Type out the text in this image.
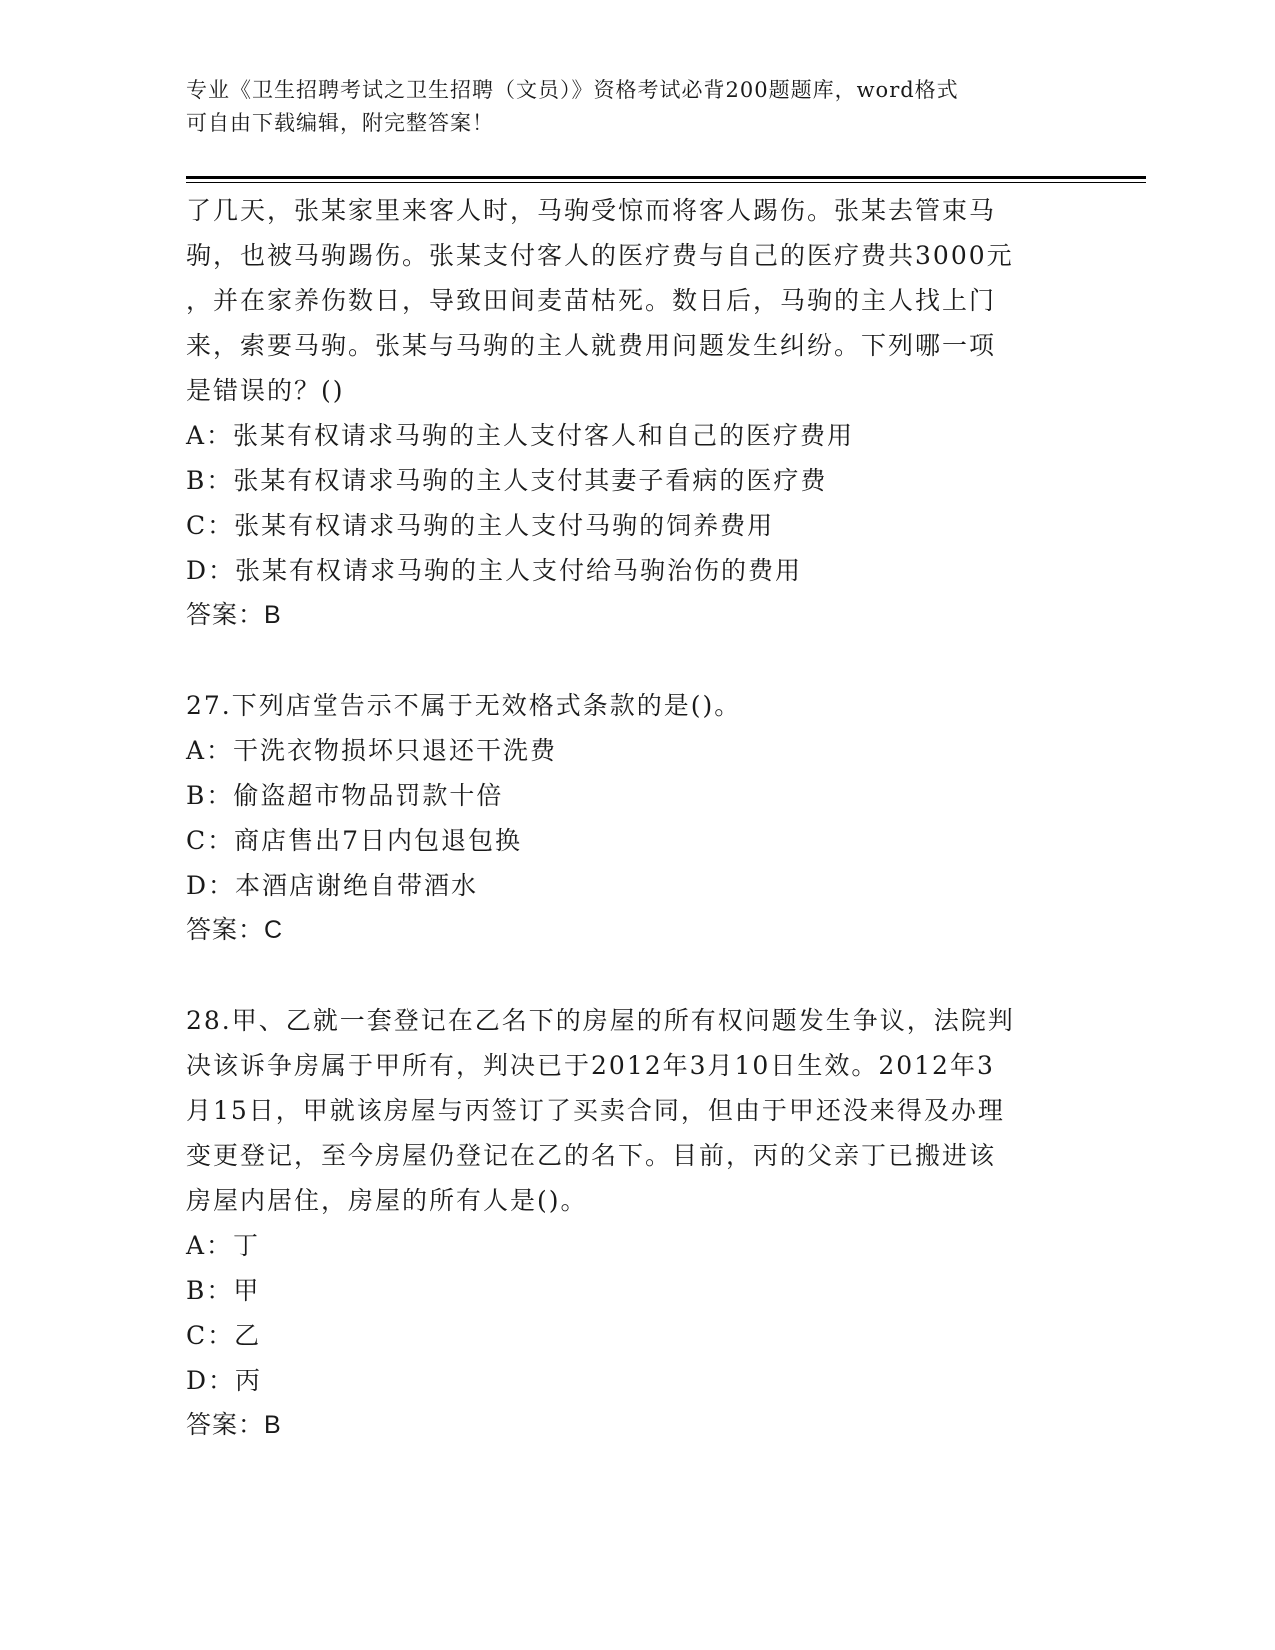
专业《卫生招聘考试之卫生招聘（文员）》资格考试必背200题题库，word格式
可自由下载编辑，附完整答案！

了几天，张某家里来客人时，马驹受惊而将客人踢伤。张某去管束马

驹，也被马驹踢伤。张某支付客人的医疗费与自己的医疗费共3000元

，并在家养伤数日，导致田间麦苗枯死。数日后，马驹的主人找上门

来，索要马驹。张某与马驹的主人就费用问题发生纠纷。下列哪一项

是错误的？()

A：张某有权请求马驹的主人支付客人和自己的医疗费用

B：张某有权请求马驹的主人支付其妻子看病的医疗费

C：张某有权请求马驹的主人支付马驹的饲养费用

D：张某有权请求马驹的主人支付给马驹治伤的费用

答案：B

27.下列店堂告示不属于无效格式条款的是()。

A：干洗衣物损坏只退还干洗费

B：偷盗超市物品罚款十倍

C：商店售出7日内包退包换

D：本酒店谢绝自带酒水

答案：C

28.甲、乙就一套登记在乙名下的房屋的所有权问题发生争议，法院判

决该诉争房属于甲所有，判决已于2012年3月10日生效。2012年3

月15日，甲就该房屋与丙签订了买卖合同，但由于甲还没来得及办理

变更登记，至今房屋仍登记在乙的名下。目前，丙的父亲丁已搬进该

房屋内居住，房屋的所有人是()。

A：丁

B：甲

C：乙

D：丙

答案：B
